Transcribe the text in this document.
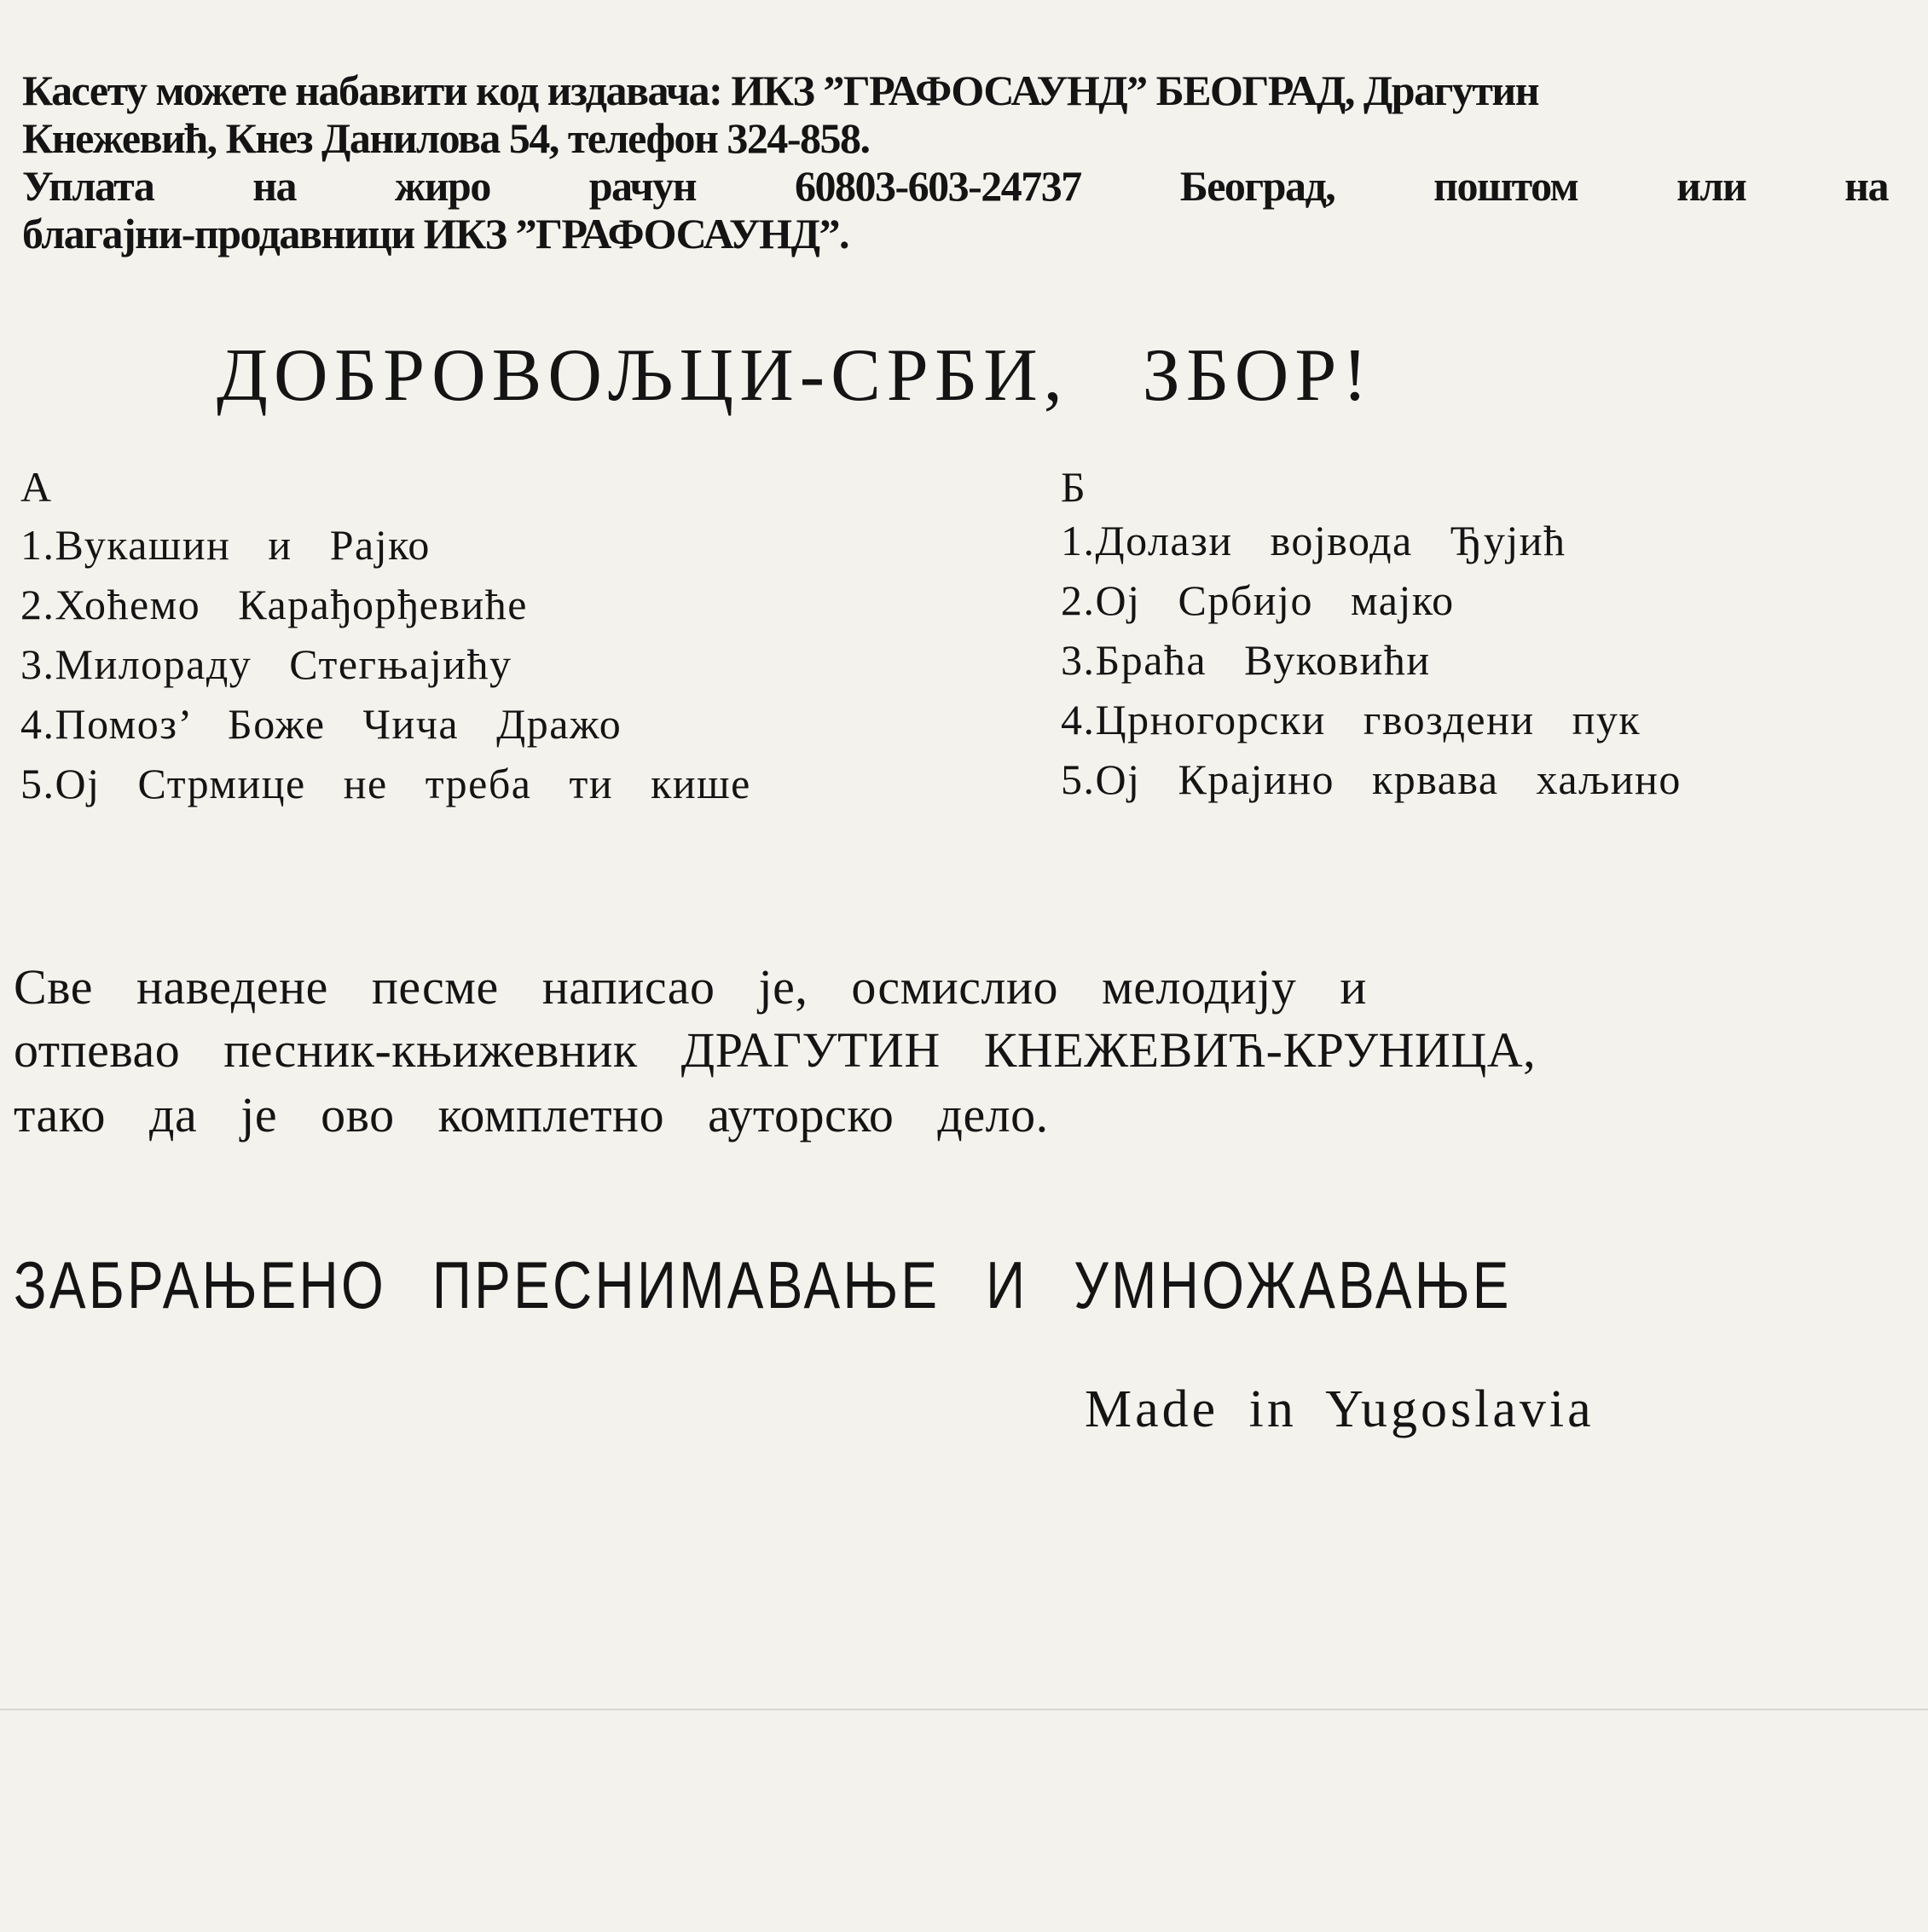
Касету можете набавити код издавача: ИКЗ ”ГРАФОСАУНД” БЕОГРАД, Драгутин
Кнежевић, Кнез Данилова 54, телефон 324-858.
Уплата на жиро рачун 60803-603-24737 Београд, поштом или на
благајни-продавници ИКЗ ”ГРАФОСАУНД”.
ДОБРОВОЉЦИ-СРБИ,   ЗБОР!
А
1.Вукашин и Рајко
2.Хоћемо Карађорђевиће
3.Милораду Стегњајићу
4.Помоз’ Боже Чича Дражо
5.Ој Стрмице не треба ти кише
Б
1.Долази војвода Ђујић
2.Ој Србијо мајко
3.Браћа Вуковићи
4.Црногорски гвоздени пук
5.Ој Крајино крвава хаљино
Све наведене песме написао је, осмислио мелодију и
отпевао песник-књижевник ДРАГУТИН КНЕЖЕВИЋ-КРУНИЦА,
тако да је ово комплетно ауторско дело.
ЗАБРАЊЕНО ПРЕСНИМАВАЊЕ И УМНОЖАВАЊЕ
Made in Yugoslavia
